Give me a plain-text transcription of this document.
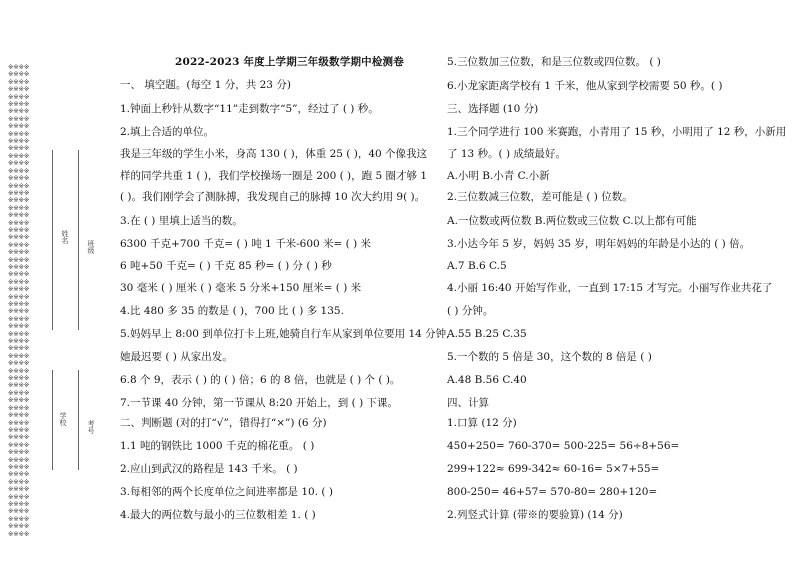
※※※※
※※※※
※※※※
※※※※
※※※※
※※※※
※※※※
※※※※
※※※※
※※※※
※※※※
※※※※
※※※※
※※※※
※※※※
※※※※
※※※※
※※※※
※※※※
※※※※
※※※※
※※※※
※※※※
※※※※
※※※※
※※※※
※※※※
※※※※
※※※※
※※※※
※※※※
※※※※
※※※※
※※※※
※※※※
※※※※
※※※※
※※※※
※※※※
※※※※
※※※※
※※※※
※※※※
※※※※
※※※※
※※※※
※※※※
※※※※
※※※※
※※※※
※※※※
※※※※
※※※※
※※※※
※※※※
※※※※
※※※※
※※※※
※※※※
※※※※
※※※※
※※※※
※※※※
※※※※
姓名
班级
学校
考号
2022-2023 年度上学期三年级数学期中检测卷
一、 填空题。(每空 1 分，共 23 分)
1.钟面上秒针从数字“11”走到数字“5”，经过了 ( ) 秒。
2.填上合适的单位。
我是三年级的学生小米，身高 130 ( )，体重 25 ( )，40 个像我这
样的同学共重 1 ( )，我们学校操场一圈是 200 ( )，跑 5 圈才够 1
( )。我们刚学会了测脉搏，我发现自己的脉搏 10 次大约用 9( )。
3.在 ( ) 里填上适当的数。
6300 千克+700 千克= ( ) 吨 1 千米-600 米= ( ) 米
6 吨+50 千克= ( ) 千克 85 秒= ( ) 分 ( ) 秒
30 毫米 ( ) 厘米 ( ) 毫米 5 分米+150 厘米= ( ) 米
4.比 480 多 35 的数是 ( )，700 比 ( ) 多 135.
5.妈妈早上 8:00 到单位打卡上班,她骑自行车从家到单位要用 14 分钟,
她最迟要 ( ) 从家出发。
6.8 个 9，表示 ( ) 的 ( ) 倍；6 的 8 倍，也就是 ( ) 个 ( )。
7.一节课 40 分钟，第一节课从 8:20 开始上，到 ( ) 下课。
二、判断题 (对的打“√”，错得打“×”) (6 分)
1.1 吨的钢铁比 1000 千克的棉花重。 ( )
2.应山到武汉的路程是 143 千米。 ( )
3.每相邻的两个长度单位之间进率都是 10. ( )
4.最大的两位数与最小的三位数相差 1. ( )
5.三位数加三位数，和是三位数或四位数。 ( )
6.小龙家距离学校有 1 千米，他从家到学校需要 50 秒。( )
三、选择题 (10 分)
1.三个同学进行 100 米赛跑，小青用了 15 秒，小明用了 12 秒，小新用
了 13 秒。( ) 成绩最好。
A.小明 B.小青 C.小新
2.三位数减三位数，差可能是 ( ) 位数。
A.一位数或两位数 B.两位数或三位数 C.以上都有可能
3.小达今年 5 岁，妈妈 35 岁，明年妈妈的年龄是小达的 ( ) 倍。
A.7 B.6 C.5
4.小丽 16:40 开始写作业，一直到 17:15 才写完。小丽写作业共花了
( ) 分钟。
A.55 B.25 C.35
5.一个数的 5 倍是 30，这个数的 8 倍是 ( )
A.48 B.56 C.40
四、计算
1.口算 (12 分)
450+250= 760-370= 500-225= 56÷8+56=
299+122≈ 699-342≈ 60-16= 5×7+55=
800-250= 46+57= 570-80= 280+120=
2.列竖式计算 (带※的要验算) (14 分)
